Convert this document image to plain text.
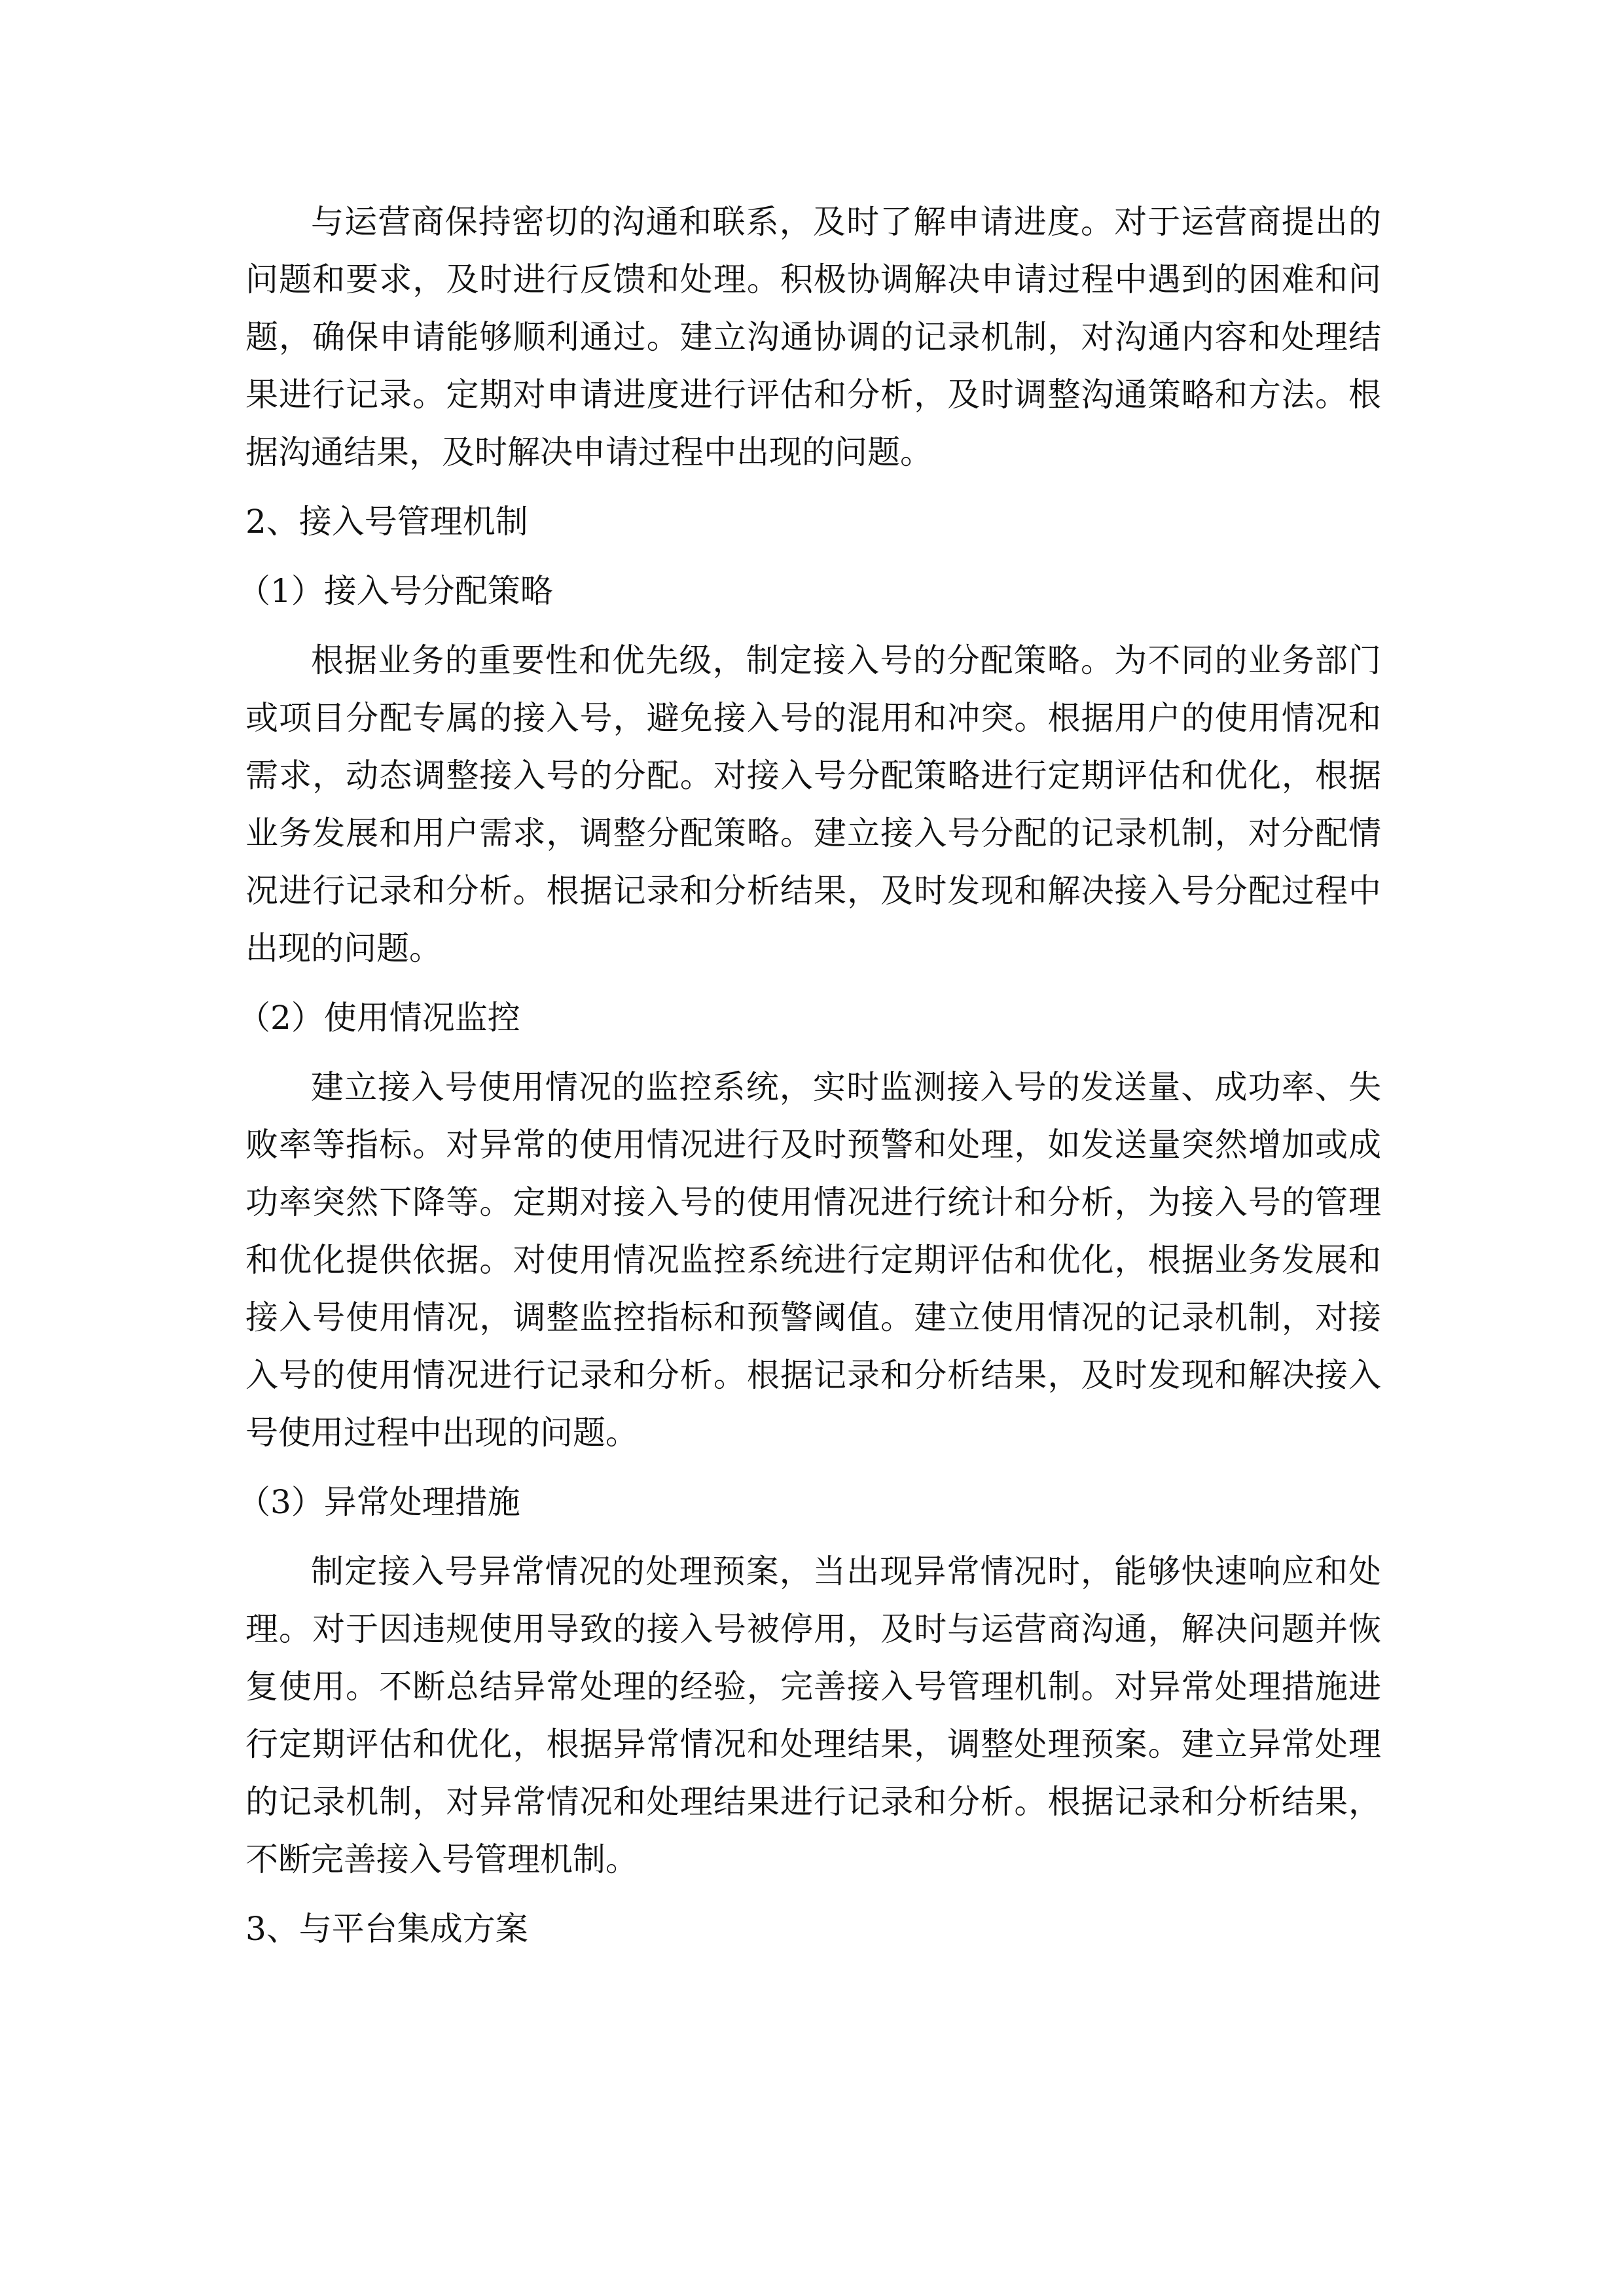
与运营商保持密切的沟通和联系，及时了解申请进度。对于运营商提出的问题和要求，及时进行反馈和处理。积极协调解决申请过程中遇到的困难和问题，确保申请能够顺利通过。建立沟通协调的记录机制，对沟通内容和处理结果进行记录。定期对申请进度进行评估和分析，及时调整沟通策略和方法。根据沟通结果，及时解决申请过程中出现的问题。

2、接入号管理机制
（1）接入号分配策略

根据业务的重要性和优先级，制定接入号的分配策略。为不同的业务部门或项目分配专属的接入号，避免接入号的混用和冲突。根据用户的使用情况和需求，动态调整接入号的分配。对接入号分配策略进行定期评估和优化，根据业务发展和用户需求，调整分配策略。建立接入号分配的记录机制，对分配情况进行记录和分析。根据记录和分析结果，及时发现和解决接入号分配过程中出现的问题。

（2）使用情况监控

建立接入号使用情况的监控系统，实时监测接入号的发送量、成功率、失败率等指标。对异常的使用情况进行及时预警和处理，如发送量突然增加或成功率突然下降等。定期对接入号的使用情况进行统计和分析，为接入号的管理和优化提供依据。对使用情况监控系统进行定期评估和优化，根据业务发展和接入号使用情况，调整监控指标和预警阈值。建立使用情况的记录机制，对接入号的使用情况进行记录和分析。根据记录和分析结果，及时发现和解决接入号使用过程中出现的问题。

（3）异常处理措施

制定接入号异常情况的处理预案，当出现异常情况时，能够快速响应和处理。对于因违规使用导致的接入号被停用，及时与运营商沟通，解决问题并恢复使用。不断总结异常处理的经验，完善接入号管理机制。对异常处理措施进行定期评估和优化，根据异常情况和处理结果，调整处理预案。建立异常处理的记录机制，对异常情况和处理结果进行记录和分析。根据记录和分析结果，不断完善接入号管理机制。

3、与平台集成方案
